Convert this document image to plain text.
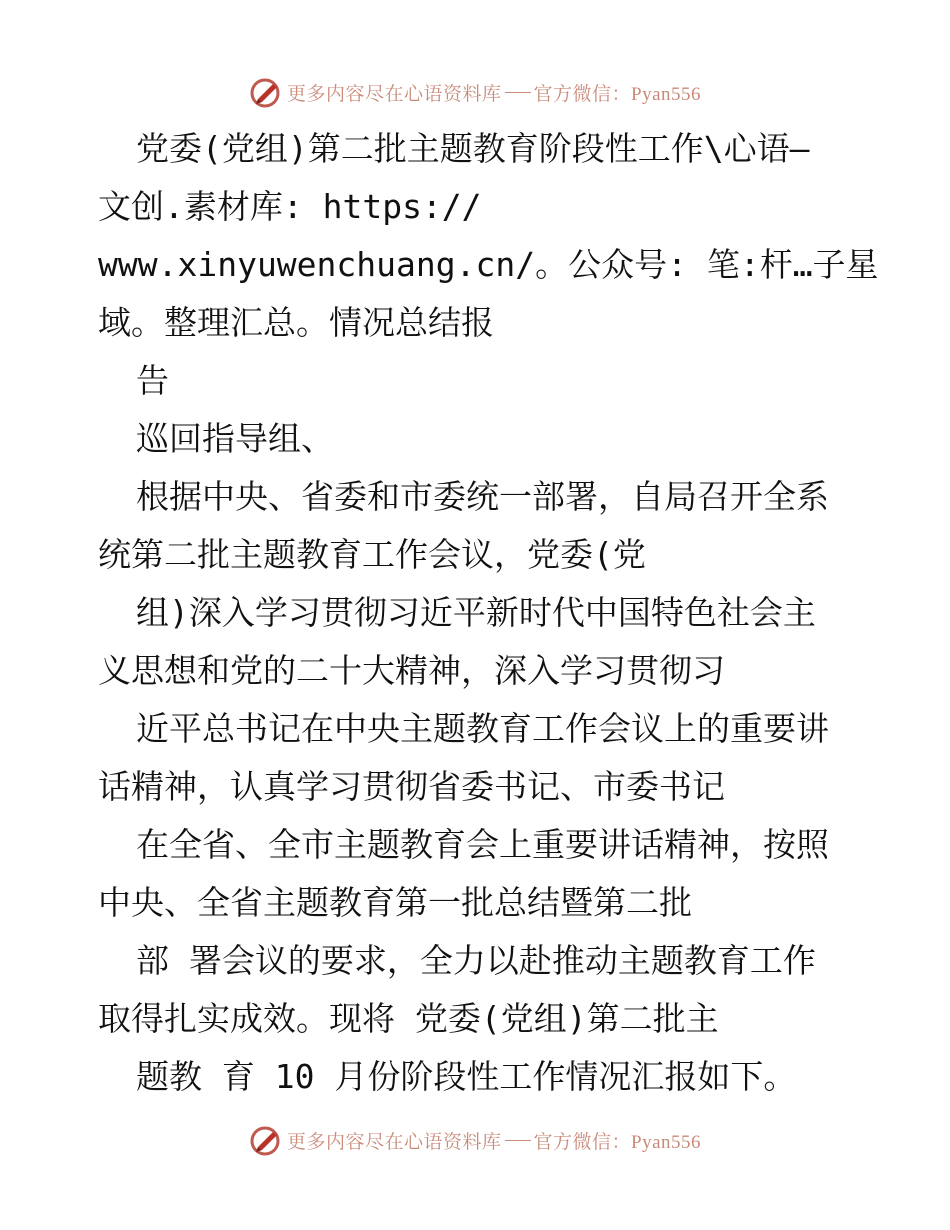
更多内容尽在心语资料库 官方微信：Pyan556
党委(党组)第二批主题教育阶段性工作\心语—
文创.素材库: https://
www.xinyuwenchuang.cn/。公众号: 笔:杆…子星
域。整理汇总。情况总结报
告
巡回指导组、
根据中央、省委和市委统一部署，自局召开全系
统第二批主题教育工作会议，党委(党
组)深入学习贯彻习近平新时代中国特色社会主
义思想和党的二十大精神，深入学习贯彻习
近平总书记在中央主题教育工作会议上的重要讲
话精神，认真学习贯彻省委书记、市委书记
在全省、全市主题教育会上重要讲话精神，按照
中央、全省主题教育第一批总结暨第二批
部 署会议的要求，全力以赴推动主题教育工作
取得扎实成效。现将 党委(党组)第二批主
题教 育 10 月份阶段性工作情况汇报如下。
更多内容尽在心语资料库 官方微信：Pyan556
